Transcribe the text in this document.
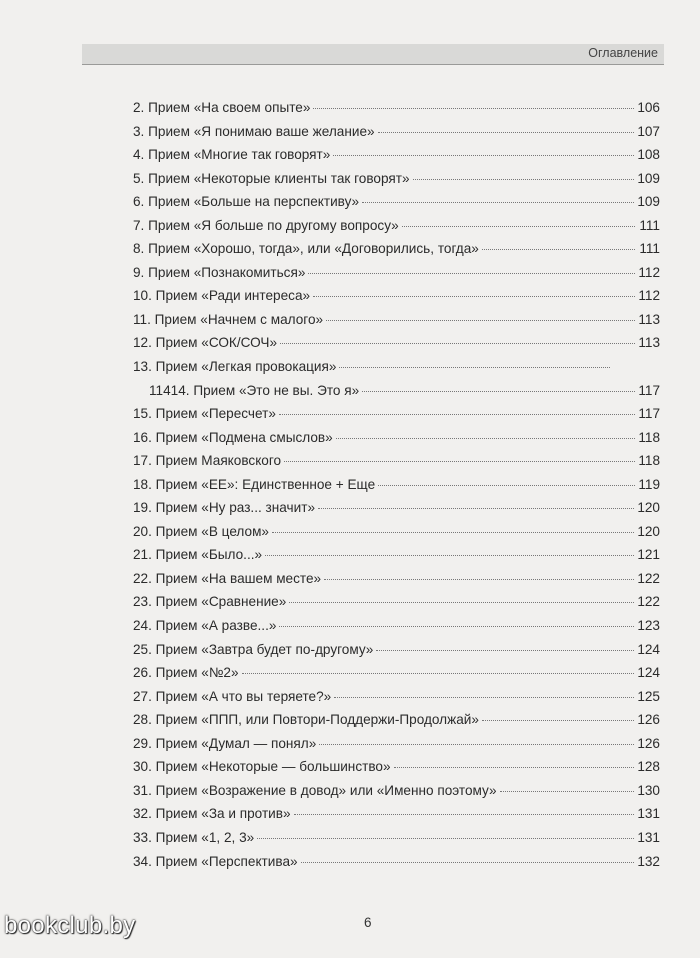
Оглавление
2. Прием «На своем опыте»	106
3. Прием «Я понимаю ваше желание»	107
4. Прием «Многие так говорят»	108
5. Прием «Некоторые клиенты так говорят»	109
6. Прием «Больше на перспективу»	109
7. Прием «Я больше по другому вопросу»	111
8. Прием «Хорошо, тогда», или «Договорились, тогда»	111
9. Прием «Познакомиться»	112
10. Прием «Ради интереса»	112
11. Прием «Начнем с малого»	113
12. Прием «СОК/СОЧ»	113
13. Прием «Легкая провокация»
11414. Прием «Это не вы. Это я»	117
15. Прием «Пересчет»	117
16. Прием «Подмена смыслов»	118
17. Прием Маяковского	118
18. Прием «ЕЕ»: Единственное + Еще	119
19. Прием «Ну раз... значит»	120
20. Прием «В целом»	120
21. Прием «Было...»	121
22. Прием «На вашем месте»	122
23. Прием «Сравнение»	122
24. Прием «А разве...»	123
25. Прием «Завтра будет по-другому»	124
26. Прием «№2»	124
27. Прием «А что вы теряете?»	125
28. Прием «ППП, или Повтори-Поддержи-Продолжай»	126
29. Прием «Думал — понял»	126
30. Прием «Некоторые — большинство»	128
31. Прием «Возражение в довод» или «Именно поэтому»	130
32. Прием «За и против»	131
33. Прием «1, 2, 3»	131
34. Прием «Перспектива»	132
6
bookclub.by
